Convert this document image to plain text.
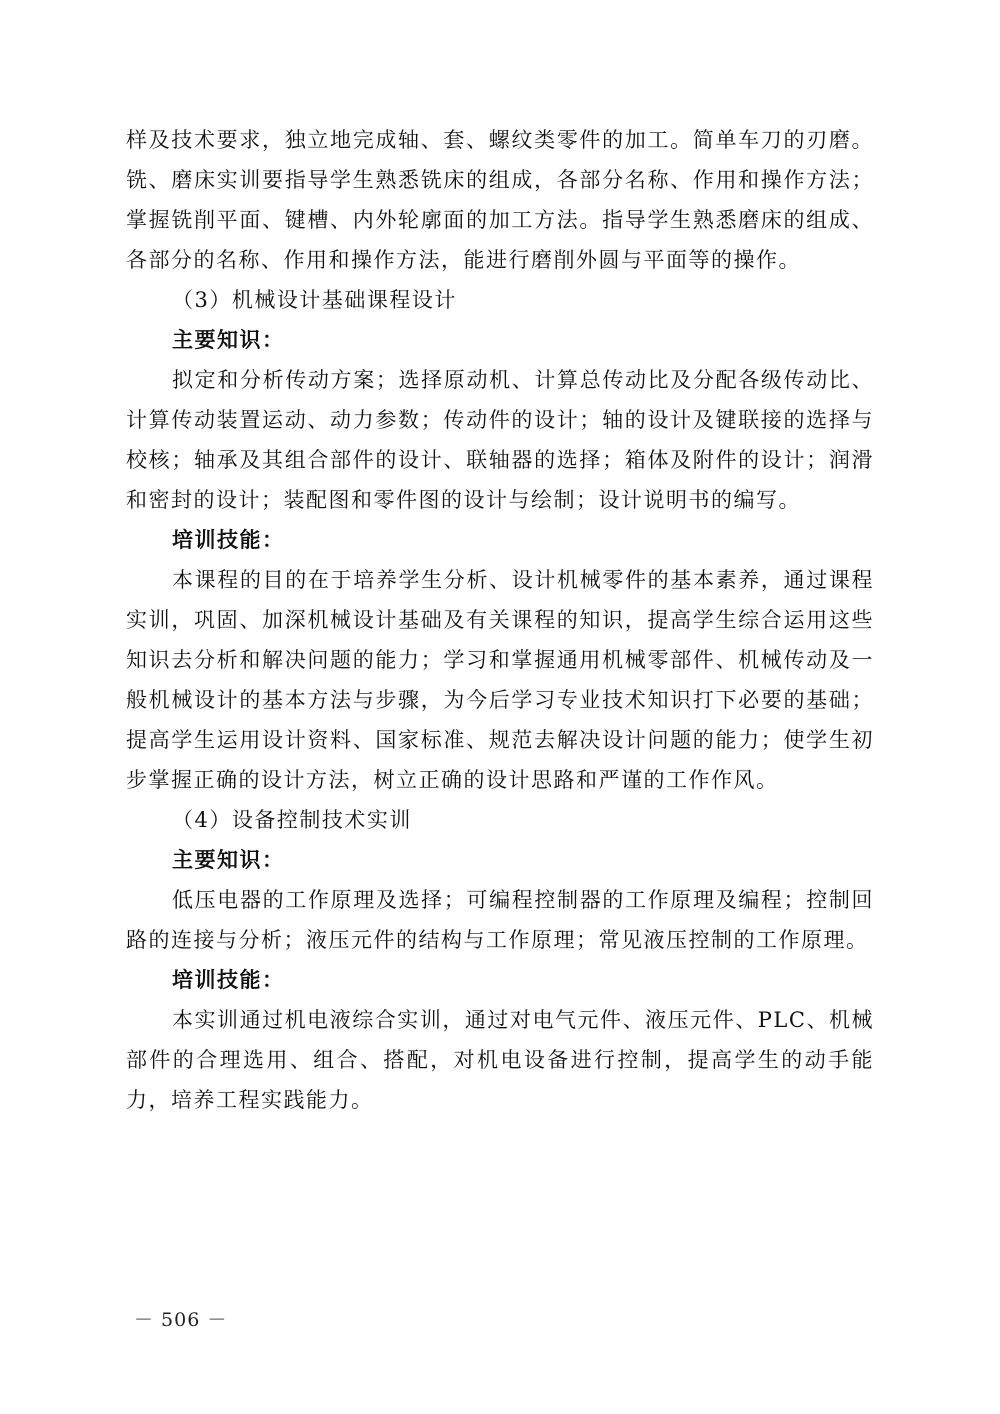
样及技术要求，独立地完成轴、套、螺纹类零件的加工。简单车刀的刃磨。铣、磨床实训要指导学生熟悉铣床的组成，各部分名称、作用和操作方法；掌握铣削平面、键槽、内外轮廓面的加工方法。指导学生熟悉磨床的组成、各部分的名称、作用和操作方法，能进行磨削外圆与平面等的操作。

（3）机械设计基础课程设计

主要知识：

拟定和分析传动方案；选择原动机、计算总传动比及分配各级传动比、计算传动装置运动、动力参数；传动件的设计；轴的设计及键联接的选择与校核；轴承及其组合部件的设计、联轴器的选择；箱体及附件的设计；润滑和密封的设计；装配图和零件图的设计与绘制；设计说明书的编写。

培训技能：

本课程的目的在于培养学生分析、设计机械零件的基本素养，通过课程实训，巩固、加深机械设计基础及有关课程的知识，提高学生综合运用这些知识去分析和解决问题的能力；学习和掌握通用机械零部件、机械传动及一般机械设计的基本方法与步骤，为今后学习专业技术知识打下必要的基础；提高学生运用设计资料、国家标准、规范去解决设计问题的能力；使学生初步掌握正确的设计方法，树立正确的设计思路和严谨的工作作风。

（4）设备控制技术实训

主要知识：

低压电器的工作原理及选择；可编程控制器的工作原理及编程；控制回路的连接与分析；液压元件的结构与工作原理；常见液压控制的工作原理。

培训技能：

本实训通过机电液综合实训，通过对电气元件、液压元件、PLC、机械部件的合理选用、组合、搭配，对机电设备进行控制，提高学生的动手能力，培养工程实践能力。

－ 506 －
